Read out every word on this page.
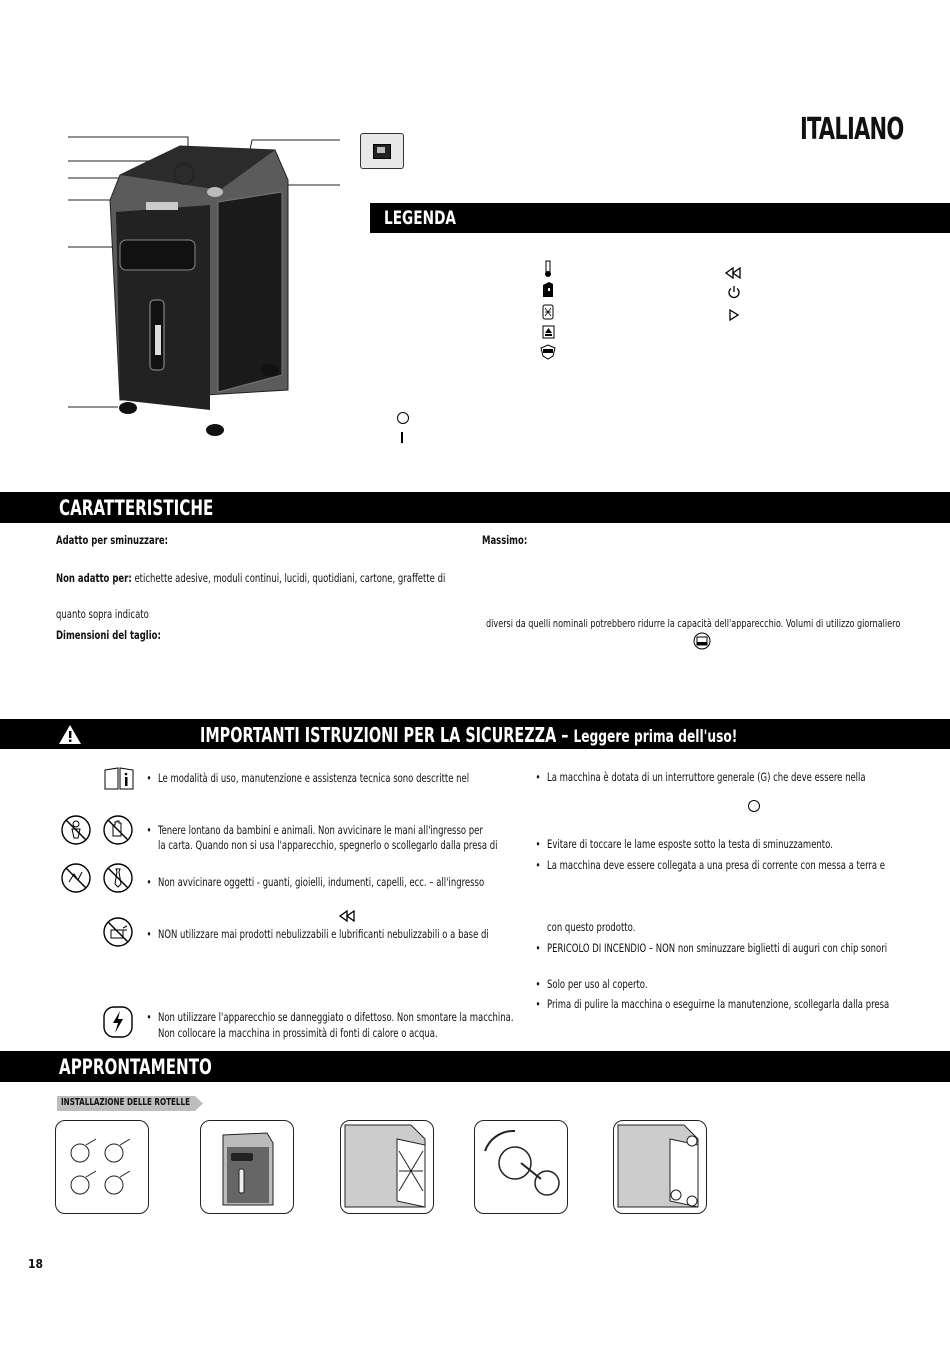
ITALIANO
LEGENDA
CARATTERISTICHE
Adatto per sminuzzare:	Massimo:
Non adatto per: etichette adesive, moduli continui, lucidi, quotidiani, cartone, graffette di
quanto sopra indicato
Dimensioni del taglio:
diversi da quelli nominali potrebbero ridurre la capacità dell'apparecchio. Volumi di utilizzo giornaliero
IMPORTANTI ISTRUZIONI PER LA SICUREZZA – Leggere prima dell'uso!
• Le modalità di uso, manutenzione e assistenza tecnica sono descritte nel
• Tenere lontano da bambini e animali. Non avvicinare le mani all'ingresso per
la carta. Quando non si usa l'apparecchio, spegnerlo o scollegarlo dalla presa di
• Non avvicinare oggetti - guanti, gioielli, indumenti, capelli, ecc. – all'ingresso
• NON utilizzare mai prodotti nebulizzabili e lubrificanti nebulizzabili o a base di
• Non utilizzare l'apparecchio se danneggiato o difettoso. Non smontare la macchina.
Non collocare la macchina in prossimità di fonti di calore o acqua.
• La macchina è dotata di un interruttore generale (G) che deve essere nella
• Evitare di toccare le lame esposte sotto la testa di sminuzzamento.
• La macchina deve essere collegata a una presa di corrente con messa a terra e
con questo prodotto.
• PERICOLO DI INCENDIO – NON non sminuzzare biglietti di auguri con chip sonori
• Solo per uso al coperto.
• Prima di pulire la macchina o eseguirne la manutenzione, scollegarla dalla presa
APPRONTAMENTO
INSTALLAZIONE DELLE ROTELLE
18
